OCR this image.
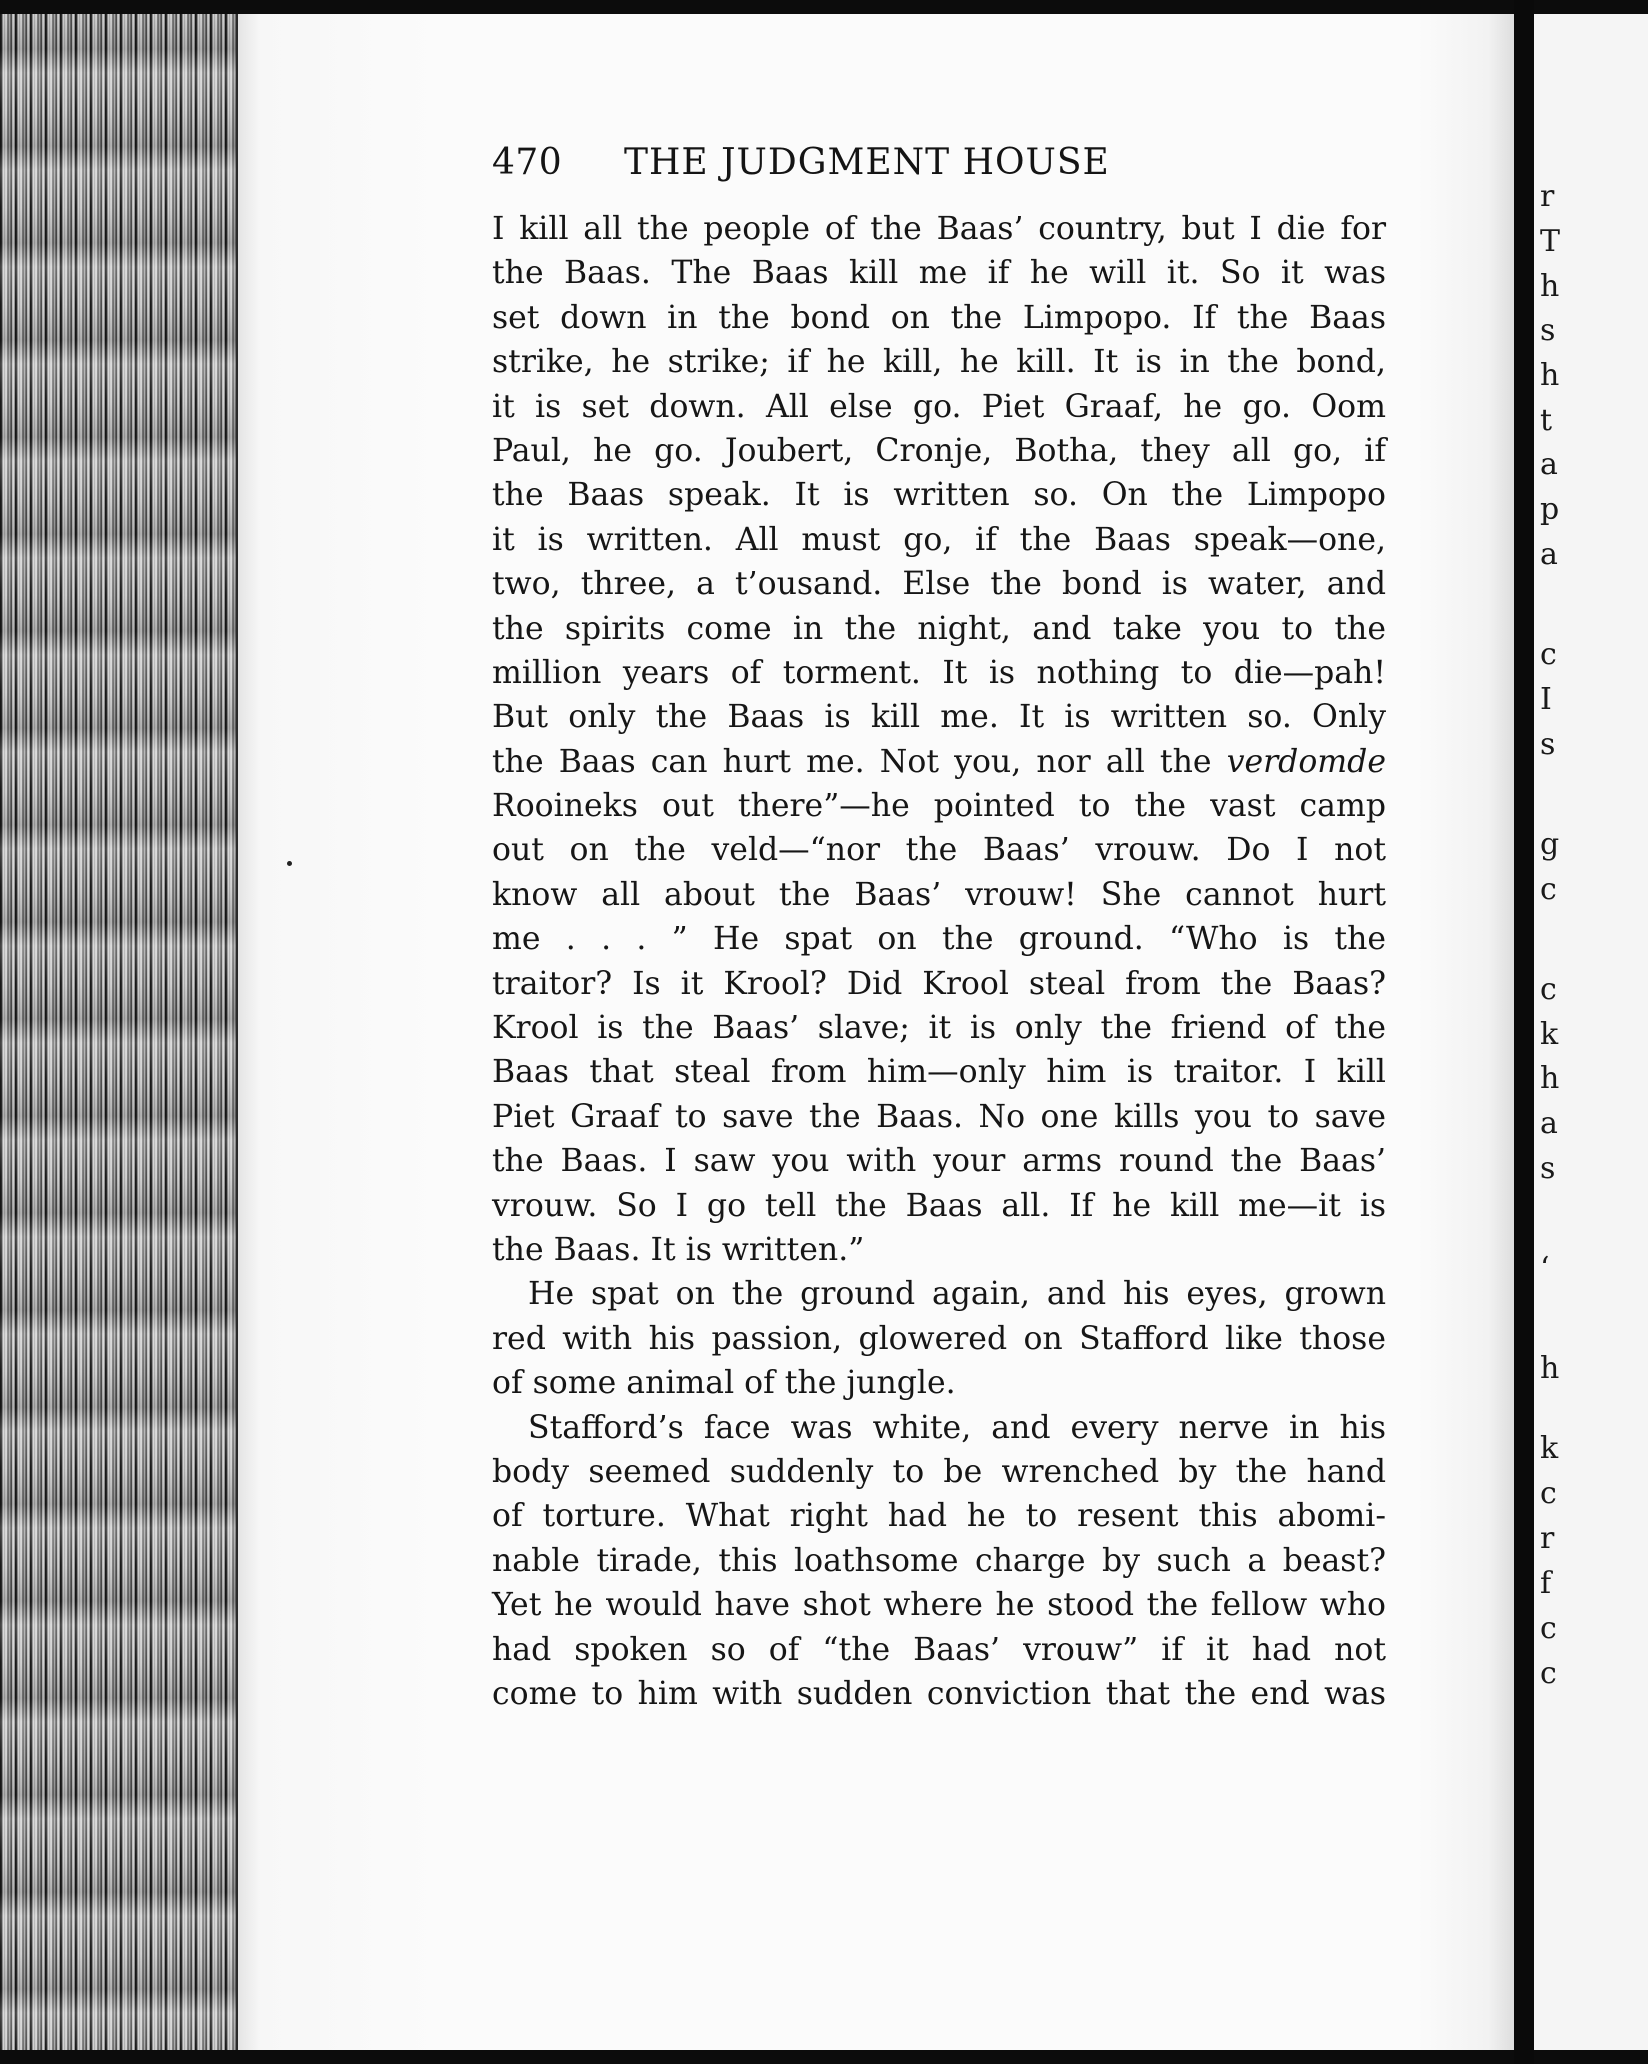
470 THE JUDGMENT HOUSE
I kill all the people of the Baas’ country, but I die for
the Baas. The Baas kill me if he will it. So it was
set down in the bond on the Limpopo. If the Baas
strike, he strike; if he kill, he kill. It is in the bond,
it is set down. All else go. Piet Graaf, he go. Oom
Paul, he go. Joubert, Cronje, Botha, they all go, if
the Baas speak. It is written so. On the Limpopo
it is written. All must go, if the Baas speak—one,
two, three, a t’ousand. Else the bond is water, and
the spirits come in the night, and take you to the
million years of torment. It is nothing to die—pah!
But only the Baas is kill me. It is written so. Only
the Baas can hurt me. Not you, nor all the verdomde
Rooineks out there”—he pointed to the vast camp
out on the veld—“nor the Baas’ vrouw. Do I not
know all about the Baas’ vrouw! She cannot hurt
me . . . ” He spat on the ground. “Who is the
traitor? Is it Krool? Did Krool steal from the Baas?
Krool is the Baas’ slave; it is only the friend of the
Baas that steal from him—only him is traitor. I kill
Piet Graaf to save the Baas. No one kills you to save
the Baas. I saw you with your arms round the Baas’
vrouw. So I go tell the Baas all. If he kill me—it is
the Baas. It is written.”
He spat on the ground again, and his eyes, grown
red with his passion, glowered on Stafford like those
of some animal of the jungle.
Stafford’s face was white, and every nerve in his
body seemed suddenly to be wrenched by the hand
of torture. What right had he to resent this abomi-
nable tirade, this loathsome charge by such a beast?
Yet he would have shot where he stood the fellow who
had spoken so of “the Baas’ vrouw” if it had not
come to him with sudden conviction that the end was
r
T
h
s
h
t
a
p
a
c
I
s
g
c
c
k
h
a
s
‘
h
k
c
r
f
c
c
